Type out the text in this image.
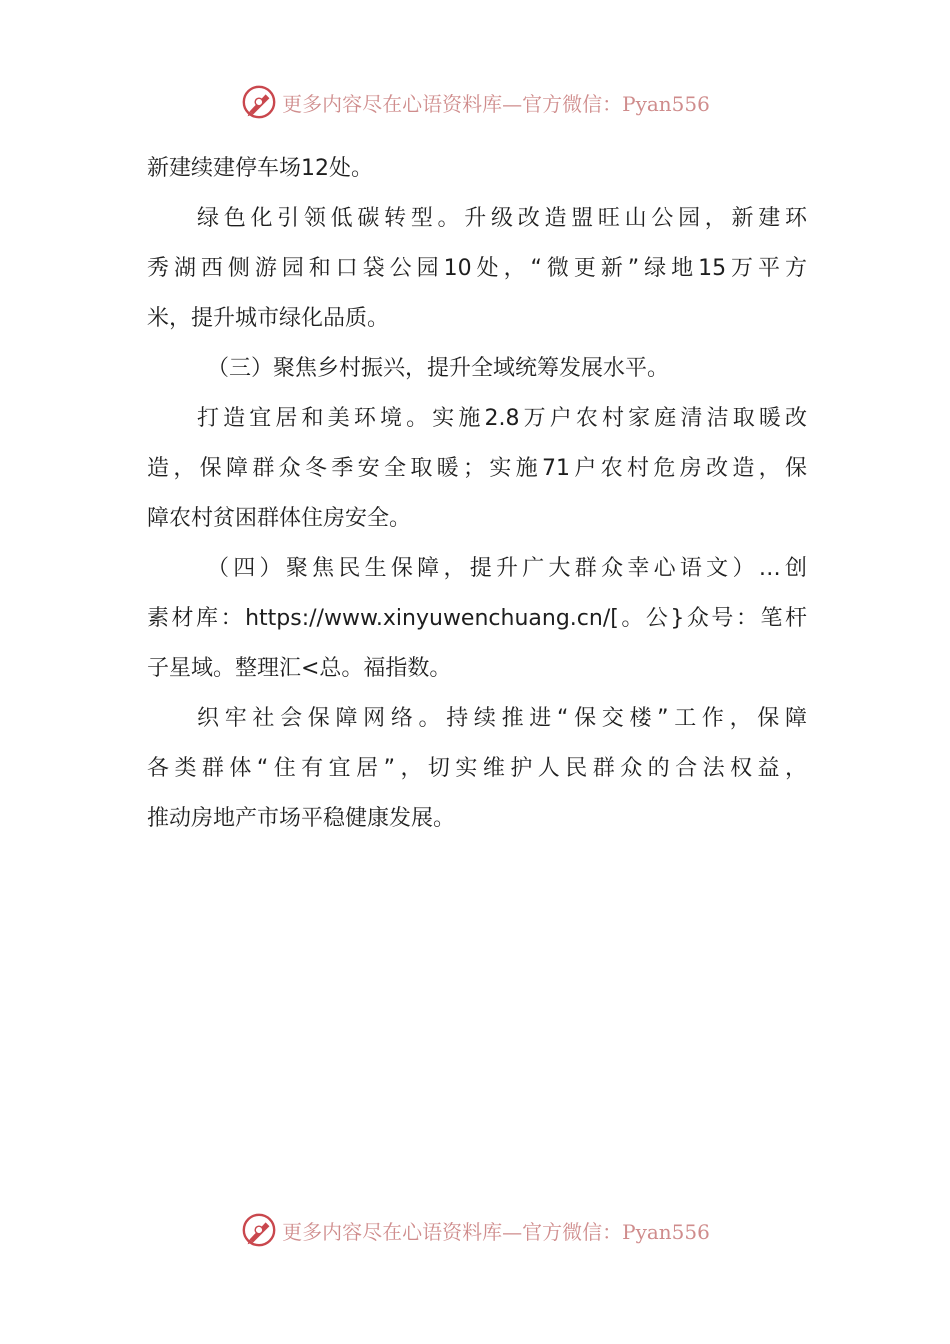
更多内容尽在心语资料库—官方微信：Pyan556
新建续建停车场12处。
绿色化引领低碳转型。升级改造盟旺山公园，新建环
秀湖西侧游园和口袋公园10处，“微更新”绿地15万平方
米，提升城市绿化品质。
（三）聚焦乡村振兴，提升全域统筹发展水平。
打造宜居和美环境。实施2.8万户农村家庭清洁取暖改
造，保障群众冬季安全取暖；实施71户农村危房改造，保
障农村贫困群体住房安全。
（四）聚焦民生保障，提升广大群众幸心语文）…创
素材库：https://www.xinyuwenchuang.cn/[。公}众号：笔杆
子星域。整理汇<总。福指数。
织牢社会保障网络。持续推进“保交楼”工作，保障
各类群体“住有宜居”，切实维护人民群众的合法权益，
推动房地产市场平稳健康发展。
更多内容尽在心语资料库—官方微信：Pyan556
